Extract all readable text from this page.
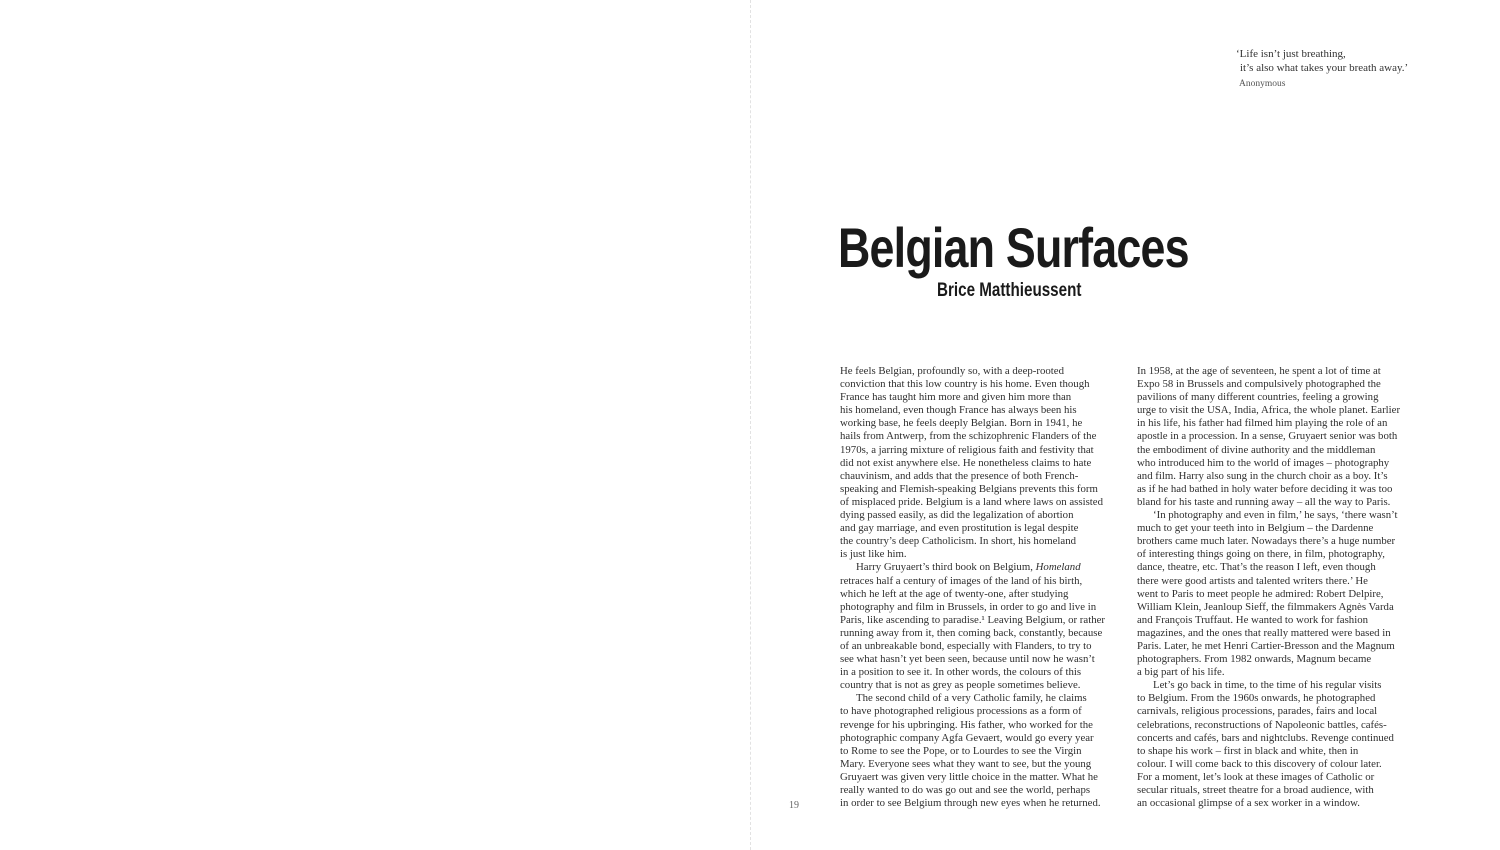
‘Life isn’t just breathing,
it’s also what takes your breath away.’
Anonymous
Belgian Surfaces
Brice Matthieussent
He feels Belgian, profoundly so, with a deep-rooted
conviction that this low country is his home. Even though
France has taught him more and given him more than
his homeland, even though France has always been his
working base, he feels deeply Belgian. Born in 1941, he
hails from Antwerp, from the schizophrenic Flanders of the
1970s, a jarring mixture of religious faith and festivity that
did not exist anywhere else. He nonetheless claims to hate
chauvinism, and adds that the presence of both French-
speaking and Flemish-speaking Belgians prevents this form
of misplaced pride. Belgium is a land where laws on assisted
dying passed easily, as did the legalization of abortion
and gay marriage, and even prostitution is legal despite
the country’s deep Catholicism. In short, his homeland
is just like him.
Harry Gruyaert’s third book on Belgium, Homeland
retraces half a century of images of the land of his birth,
which he left at the age of twenty-one, after studying
photography and film in Brussels, in order to go and live in
Paris, like ascending to paradise.¹ Leaving Belgium, or rather
running away from it, then coming back, constantly, because
of an unbreakable bond, especially with Flanders, to try to
see what hasn’t yet been seen, because until now he wasn’t
in a position to see it. In other words, the colours of this
country that is not as grey as people sometimes believe.
The second child of a very Catholic family, he claims
to have photographed religious processions as a form of
revenge for his upbringing. His father, who worked for the
photographic company Agfa Gevaert, would go every year
to Rome to see the Pope, or to Lourdes to see the Virgin
Mary. Everyone sees what they want to see, but the young
Gruyaert was given very little choice in the matter. What he
really wanted to do was go out and see the world, perhaps
in order to see Belgium through new eyes when he returned.
In 1958, at the age of seventeen, he spent a lot of time at
Expo 58 in Brussels and compulsively photographed the
pavilions of many different countries, feeling a growing
urge to visit the USA, India, Africa, the whole planet. Earlier
in his life, his father had filmed him playing the role of an
apostle in a procession. In a sense, Gruyaert senior was both
the embodiment of divine authority and the middleman
who introduced him to the world of images – photography
and film. Harry also sung in the church choir as a boy. It’s
as if he had bathed in holy water before deciding it was too
bland for his taste and running away – all the way to Paris.
‘In photography and even in film,’ he says, ‘there wasn’t
much to get your teeth into in Belgium – the Dardenne
brothers came much later. Nowadays there’s a huge number
of interesting things going on there, in film, photography,
dance, theatre, etc. That’s the reason I left, even though
there were good artists and talented writers there.’ He
went to Paris to meet people he admired: Robert Delpire,
William Klein, Jeanloup Sieff, the filmmakers Agnès Varda
and François Truffaut. He wanted to work for fashion
magazines, and the ones that really mattered were based in
Paris. Later, he met Henri Cartier-Bresson and the Magnum
photographers. From 1982 onwards, Magnum became
a big part of his life.
Let’s go back in time, to the time of his regular visits
to Belgium. From the 1960s onwards, he photographed
carnivals, religious processions, parades, fairs and local
celebrations, reconstructions of Napoleonic battles, cafés-
concerts and cafés, bars and nightclubs. Revenge continued
to shape his work – first in black and white, then in
colour. I will come back to this discovery of colour later.
For a moment, let’s look at these images of Catholic or
secular rituals, street theatre for a broad audience, with
an occasional glimpse of a sex worker in a window.
19
